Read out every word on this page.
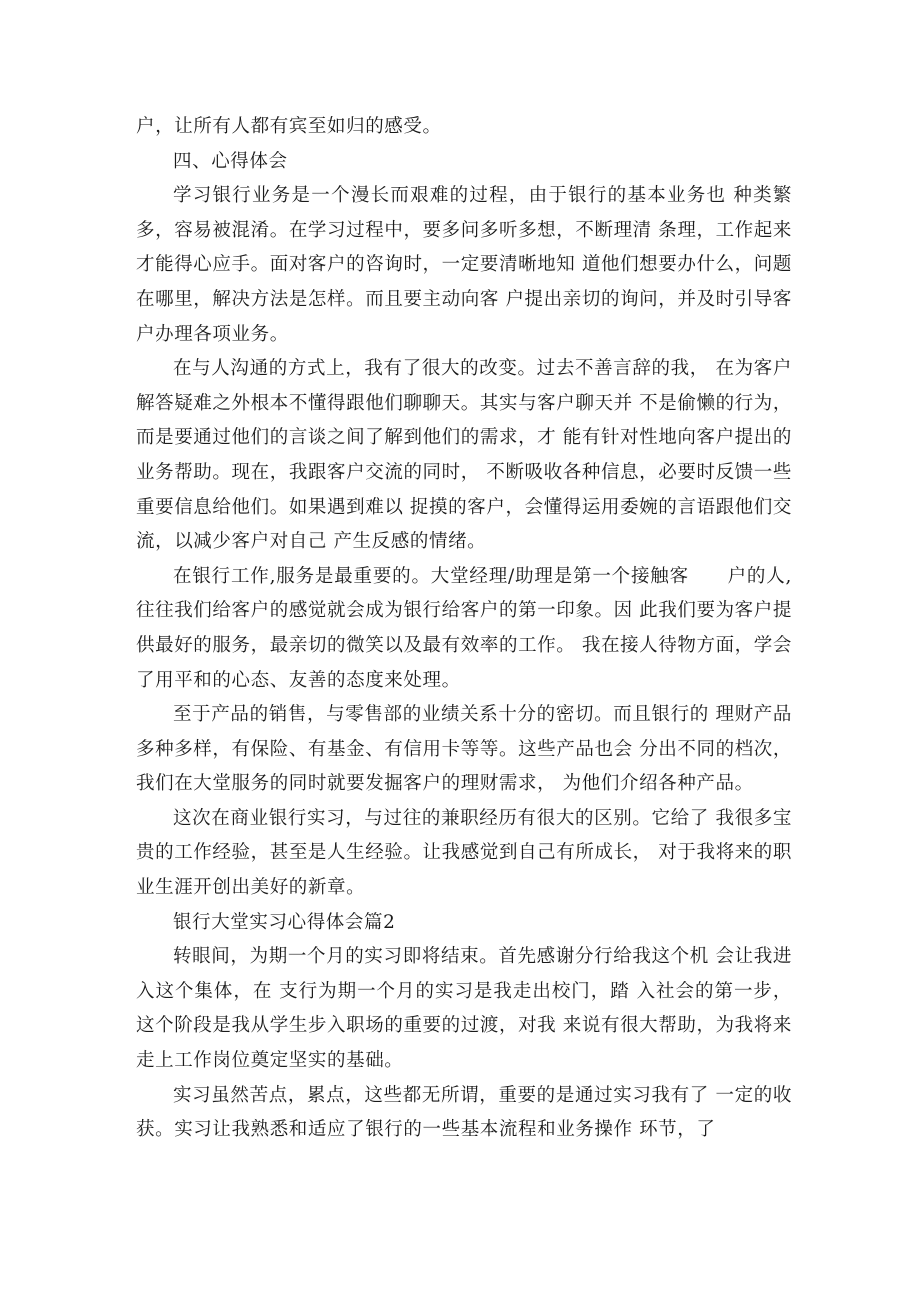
户，让所有人都有宾至如归的感受。

四、心得体会

学习银行业务是一个漫长而艰难的过程，由于银行的基本业务也 种类繁多，容易被混淆。在学习过程中，要多问多听多想，不断理清 条理，工作起来才能得心应手。面对客户的咨询时，一定要清晰地知 道他们想要办什么，问题在哪里，解决方法是怎样。而且要主动向客 户提出亲切的询问，并及时引导客户办理各项业务。

在与人沟通的方式上，我有了很大的改变。过去不善言辞的我， 在为客户解答疑难之外根本不懂得跟他们聊聊天。其实与客户聊天并 不是偷懒的行为，而是要通过他们的言谈之间了解到他们的需求，才 能有针对性地向客户提出的业务帮助。现在，我跟客户交流的同时， 不断吸收各种信息，必要时反馈一些重要信息给他们。如果遇到难以 捉摸的客户，会懂得运用委婉的言语跟他们交流，以减少客户对自己 产生反感的情绪。

在银行工作,服务是最重要的。大堂经理/助理是第一个接触客　　户的人,往往我们给客户的感觉就会成为银行给客户的第一印象。因 此我们要为客户提供最好的服务，最亲切的微笑以及最有效率的工作。 我在接人待物方面，学会了用平和的心态、友善的态度来处理。

至于产品的销售，与零售部的业绩关系十分的密切。而且银行的 理财产品多种多样，有保险、有基金、有信用卡等等。这些产品也会 分出不同的档次，我们在大堂服务的同时就要发掘客户的理财需求， 为他们介绍各种产品。

这次在商业银行实习，与过往的兼职经历有很大的区别。它给了 我很多宝贵的工作经验，甚至是人生经验。让我感觉到自己有所成长， 对于我将来的职业生涯开创出美好的新章。

银行大堂实习心得体会篇2

转眼间，为期一个月的实习即将结束。首先感谢分行给我这个机 会让我进入这个集体，在 支行为期一个月的实习是我走出校门，踏 入社会的第一步，这个阶段是我从学生步入职场的重要的过渡，对我 来说有很大帮助，为我将来走上工作岗位奠定坚实的基础。

实习虽然苦点，累点，这些都无所谓，重要的是通过实习我有了 一定的收获。实习让我熟悉和适应了银行的一些基本流程和业务操作 环节，了
